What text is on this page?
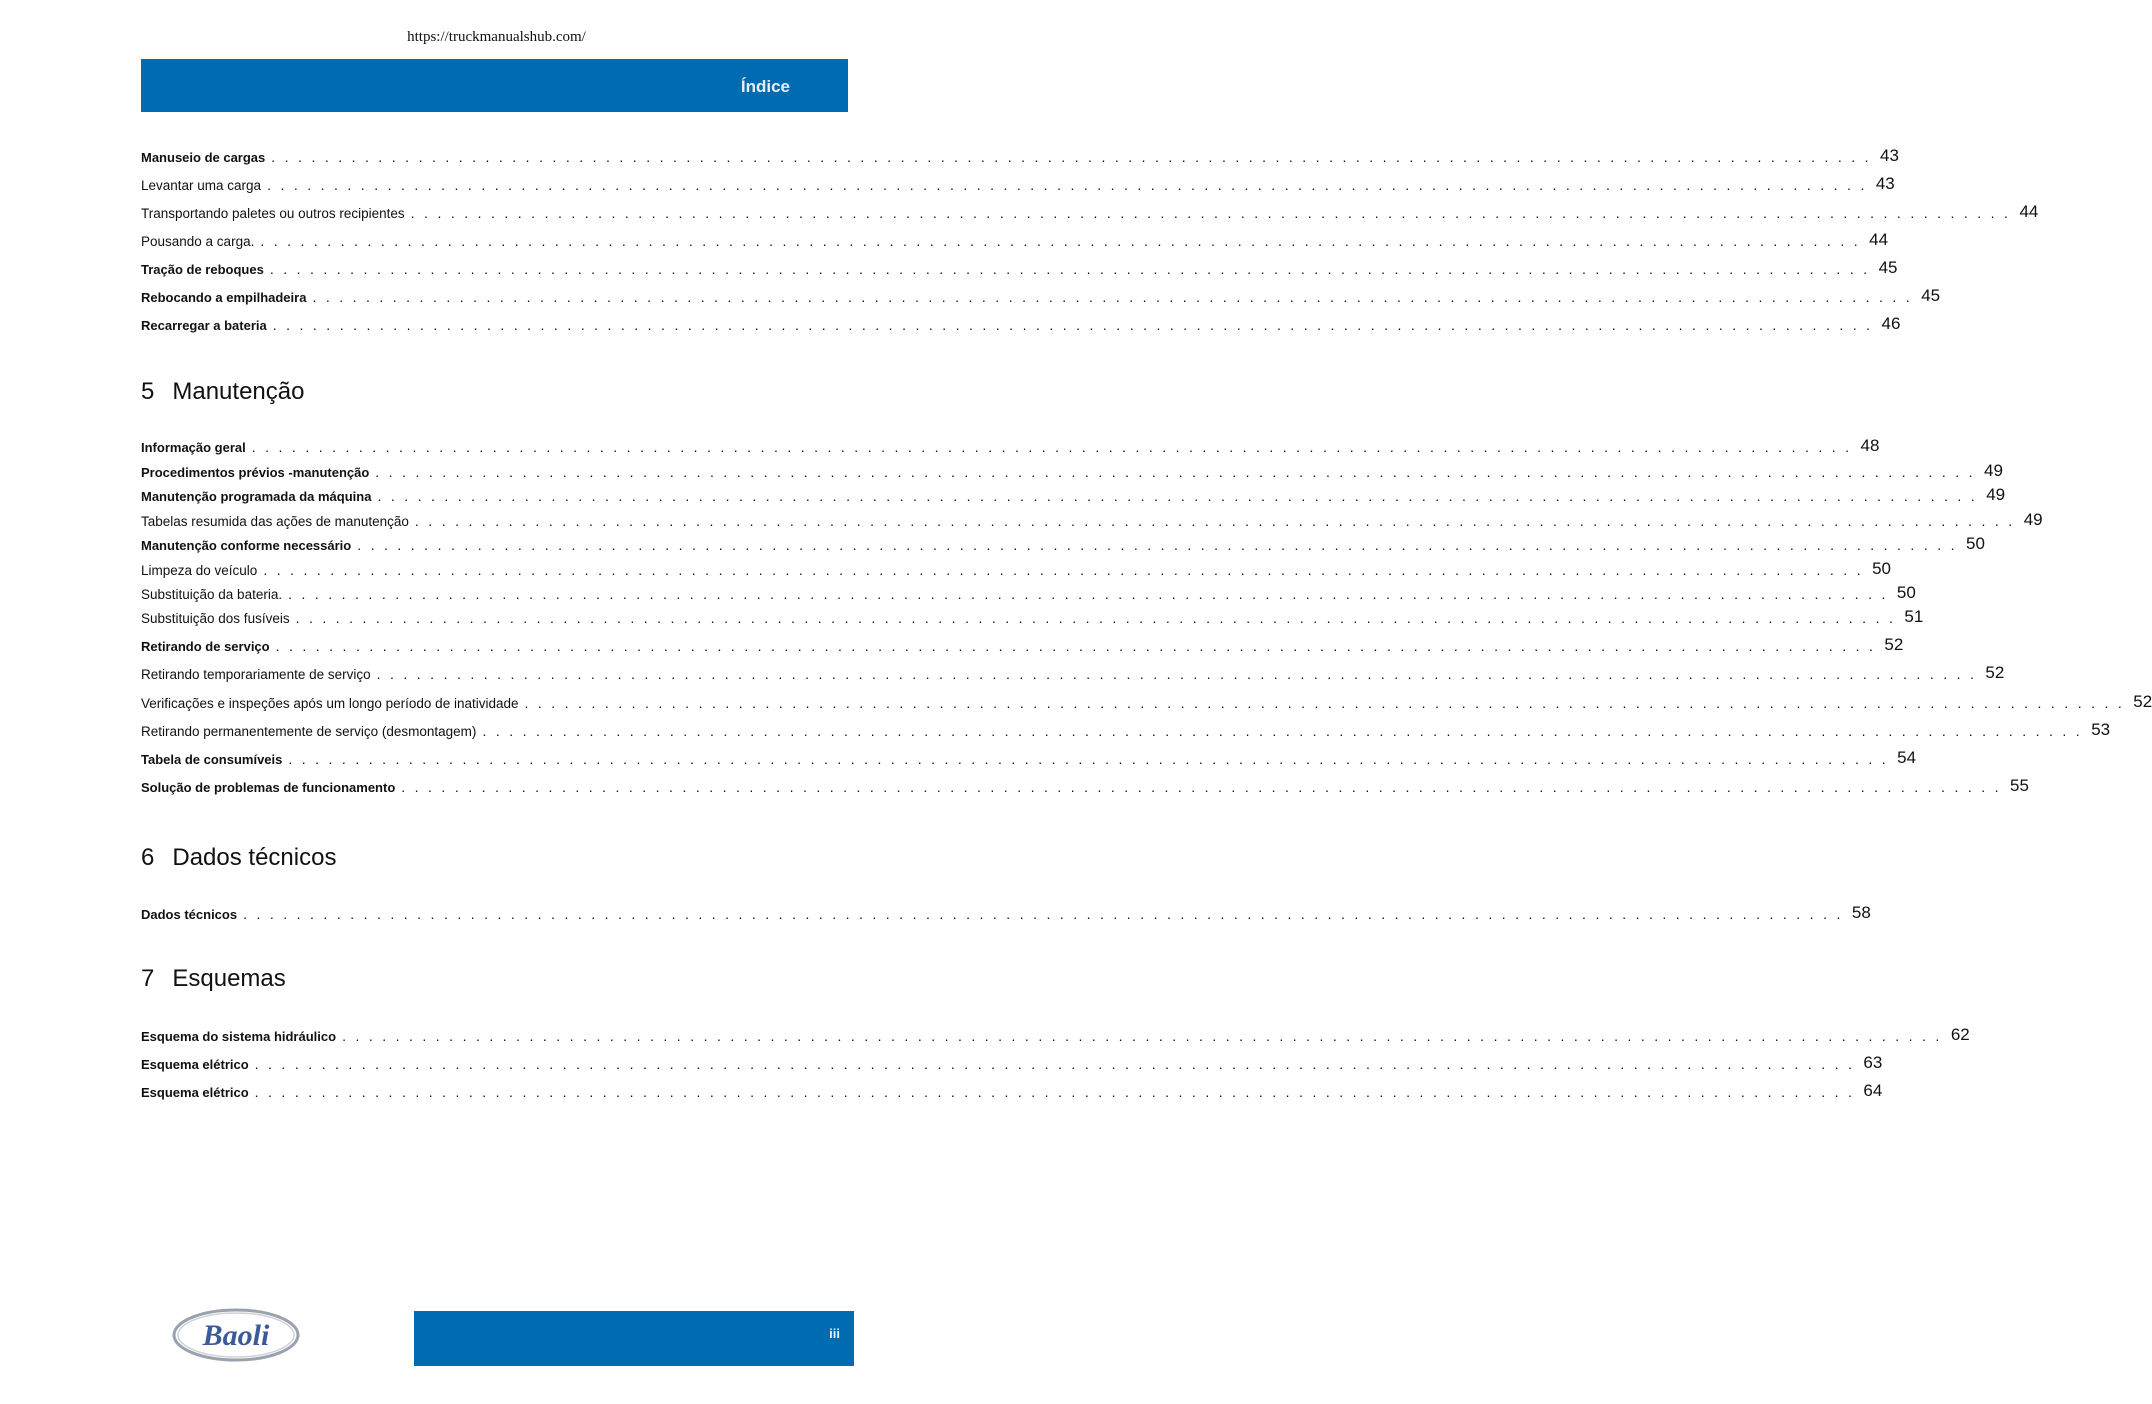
https://truckmanualshub.com/
Índice
iii
Baoli
Manuseio de cargas ........................................................................................................................ 43
Levantar uma carga ........................................................................................................................ 43
Transportando paletes ou outros recipientes ........................................................................................................................ 44
Pousando a carga. ........................................................................................................................ 44
Tração de reboques ........................................................................................................................ 45
Rebocando a empilhadeira ........................................................................................................................ 45
Recarregar a bateria ........................................................................................................................ 46
5 Manutenção
Informação geral ........................................................................................................................ 48
Procedimentos prévios -manutenção ........................................................................................................................ 49
Manutenção programada da máquina ........................................................................................................................ 49
Tabelas resumida das ações de manutenção ........................................................................................................................ 49
Manutenção conforme necessário ........................................................................................................................ 50
Limpeza do veículo ........................................................................................................................ 50
Substituição da bateria. ........................................................................................................................ 50
Substituição dos fusíveis ........................................................................................................................ 51
Retirando de serviço ........................................................................................................................ 52
Retirando temporariamente de serviço ........................................................................................................................ 52
Verificações e inspeções após um longo período de inatividade ........................................................................................................................ 52
Retirando permanentemente de serviço (desmontagem) ........................................................................................................................ 53
Tabela de consumíveis ........................................................................................................................ 54
Solução de problemas de funcionamento ........................................................................................................................ 55
6 Dados técnicos
Dados técnicos ........................................................................................................................ 58
7 Esquemas
Esquema do sistema hidráulico ........................................................................................................................ 62
Esquema elétrico ........................................................................................................................ 63
Esquema elétrico ........................................................................................................................ 64
